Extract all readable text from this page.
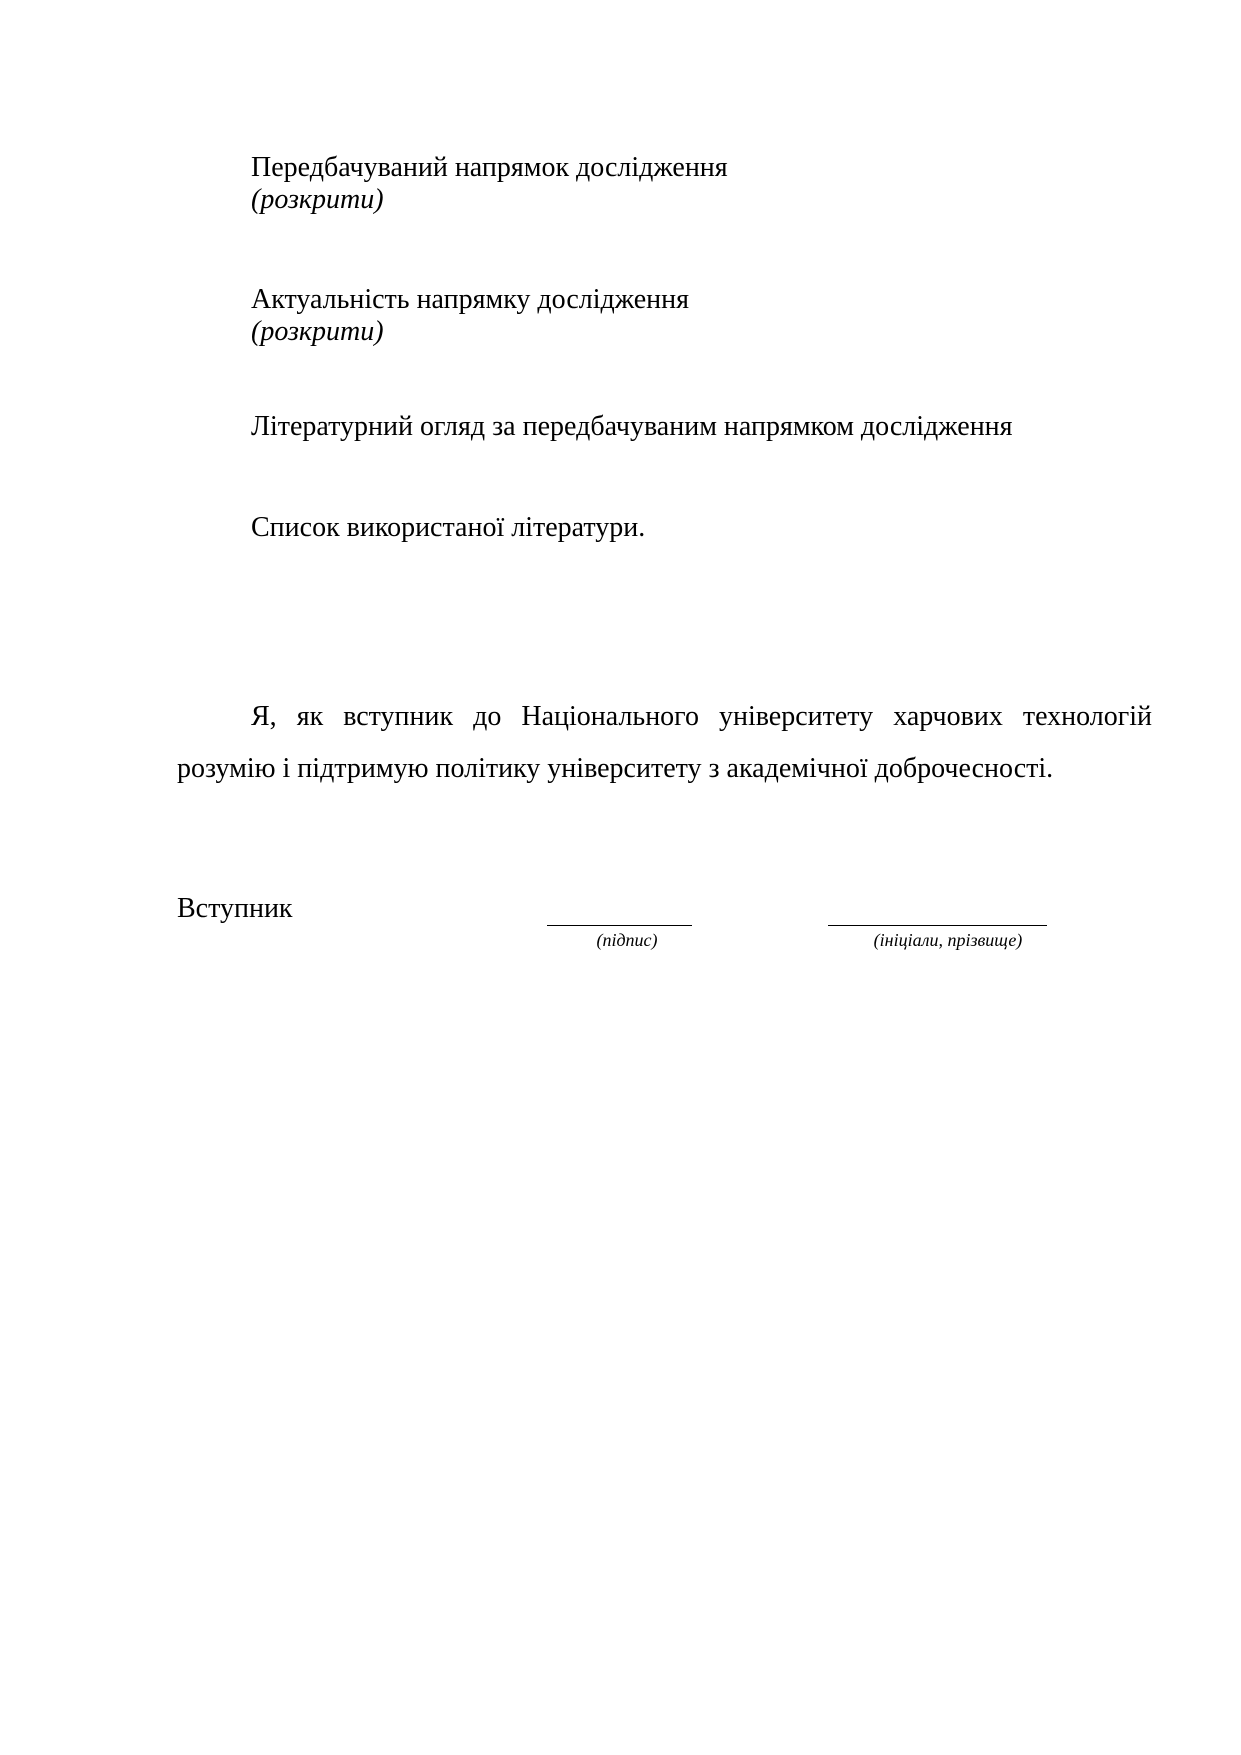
Передбачуваний напрямок дослідження
(розкрити)
Актуальність напрямку дослідження
(розкрити)
Літературний огляд за передбачуваним напрямком дослідження
Список використаної літератури.
Я, як вступник до Національного університету харчових технологій
розумію і підтримую політику університету з академічної доброчесності.
Вступник
(підпис)	(ініціали, прізвище)
